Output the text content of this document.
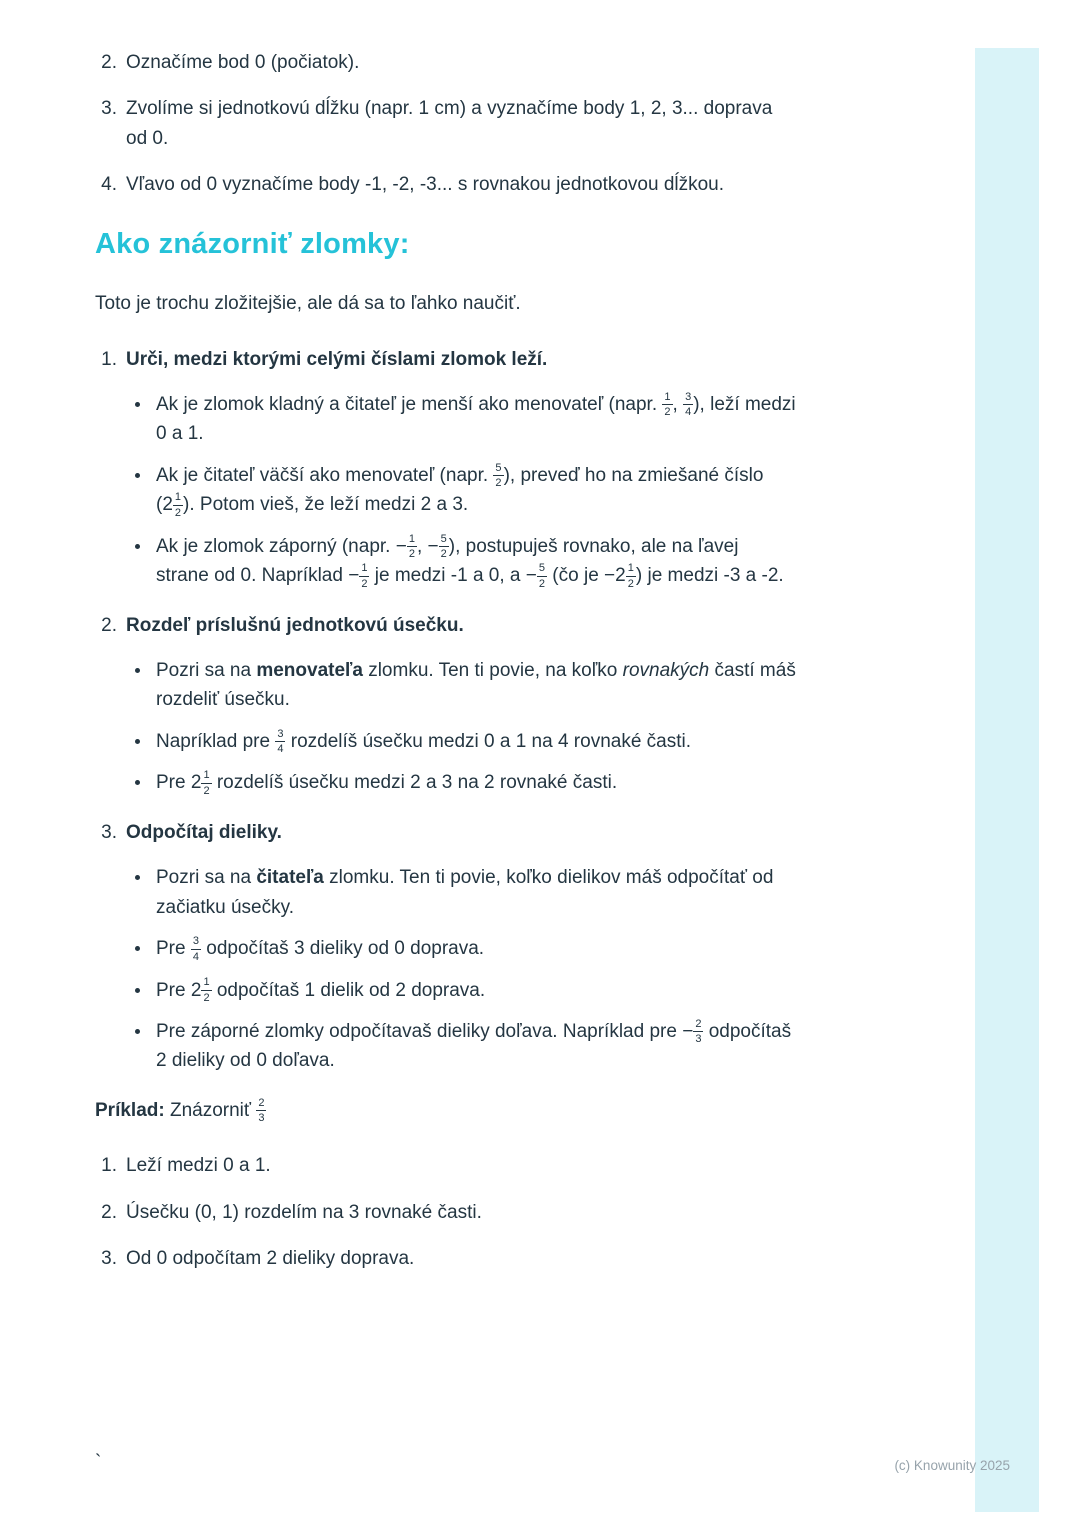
2. Označíme bod 0 (počiatok).
3. Zvolíme si jednotkovú dĺžku (napr. 1 cm) a vyznačíme body 1, 2, 3... doprava od 0.
4. Vľavo od 0 vyznačíme body -1, -2, -3... s rovnakou jednotkovou dĺžkou.
Ako znázorniť zlomky:

Toto je trochu zložitejšie, ale dá sa to ľahko naučiť.

1. Urči, medzi ktorými celými číslami zlomok leží.
Ak je zlomok kladný a čitateľ je menší ako menovateľ (napr. $\frac{1}{2}$ , $\frac{3}{4}$ ), leží medzi 0 a 1.
Ak je čitateľ väčší ako menovateľ (napr. $\frac{5}{2}$ ), preveď ho na zmiešané číslo ($2 \frac{1}{2}$ ). Potom vieš, že leží medzi 2 a 3.
Ak je zlomok záporný (napr. − $\frac{1}{2}$ , − $\frac{5}{2}$ ), postupuješ rovnako, ale na ľavej strane od 0. Napríklad − $\frac{1}{2}$ je medzi -1 a 0, $a - \frac{5}{2}$ (čo je $-2 \frac{1}{2}$ ) je medzi -3 a -2.
2. Rozdeľ príslušnú jednotkovú úsečku.
Pozri sa na menovateľa zlomku. Ten ti povie, na koľko rovnakých častí máš rozdeliť úsečku.
Napríklad pre $\frac{3}{4}$ rozdelíš úsečku medzi 0 a 1 na 4 rovnaké časti.
Pre $2 \frac{1}{2}$ rozdelíš úsečku medzi 2 a 3 na 2 rovnaké časti.
3. Odpočítaj dieliky.
Pozri sa na čitateľa zlomku. Ten ti povie, koľko dielikov máš odpočítať od začiatku úsečky.
Pre $\frac{3}{4}$ odpočítaš 3 dieliky od 0 doprava.
Pre $2 \frac{1}{2}$ odpočítaš 1 dielik od 2 doprava.
Pre záporné zlomky odpočítavaš dieliky doľava. Napríklad pre − $\frac{2}{3}$ odpočítaš 2 dieliky od 0 doľava.

Príklad: Znázorniť $\frac{2}{3}$

1. Leží medzi 0 a 1.
2. Úsečku (0, 1) rozdelím na 3 rovnaké časti.
3. Od 0 odpočítam 2 dieliky doprava.
`	(c) Knowunity 2025
